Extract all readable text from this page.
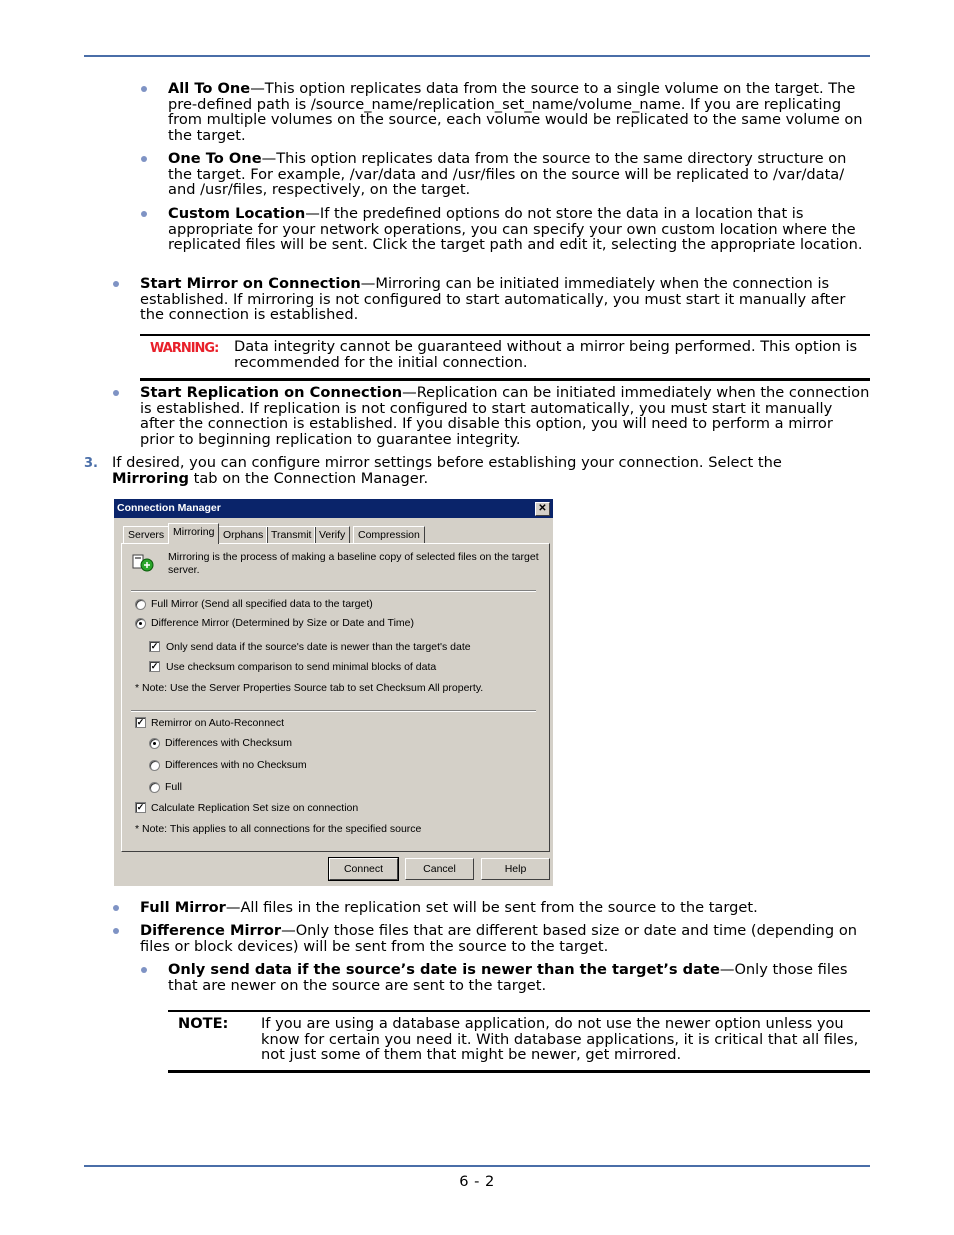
All To One—This option replicates data from the source to a single volume on the target. The pre-defined path is /source_name/replication_set_name/volume_name. If you are replicating from multiple volumes on the source, each volume would be replicated to the same volume on the target.
One To One—This option replicates data from the source to the same directory structure on the target. For example, /var/data and /usr/files on the source will be replicated to /var/data/ and /usr/files, respectively, on the target.
Custom Location—If the predefined options do not store the data in a location that is appropriate for your network operations, you can specify your own custom location where the replicated files will be sent. Click the target path and edit it, selecting the appropriate location.
Start Mirror on Connection—Mirroring can be initiated immediately when the connection is established. If mirroring is not configured to start automatically, you must start it manually after the connection is established.
WARNING: Data integrity cannot be guaranteed without a mirror being performed. This option is recommended for the initial connection.
Start Replication on Connection—Replication can be initiated immediately when the connection is established. If replication is not configured to start automatically, you must start it manually after the connection is established. If you disable this option, you will need to perform a mirror prior to beginning replication to guarantee integrity.
3. If desired, you can configure mirror settings before establishing your connection. Select the Mirroring tab on the Connection Manager.
Connection Manager	✕
Servers Mirroring Orphans Transmit Verify	Compression
Mirroring is the process of making a baseline copy of selected files on the target
server.
Full Mirror (Send all specified data to the target)
Difference Mirror (Determined by Size or Date and Time)
✓ Only send data if the source's date is newer than the target's date
✓ Use checksum comparison to send minimal blocks of data
* Note: Use the Server Properties Source tab to set Checksum All property.
✓ Remirror on Auto-Reconnect
Differences with Checksum
Differences with no Checksum
Full
✓ Calculate Replication Set size on connection
* Note: This applies to all connections for the specified source
Connect	Cancel	Help
Full Mirror—All files in the replication set will be sent from the source to the target.
Difference Mirror—Only those files that are different based size or date and time (depending on files or block devices) will be sent from the source to the target.
Only send data if the source’s date is newer than the target’s date—Only those files that are newer on the source are sent to the target.
NOTE: If you are using a database application, do not use the newer option unless you know for certain you need it. With database applications, it is critical that all files, not just some of them that might be newer, get mirrored.
6 - 2
